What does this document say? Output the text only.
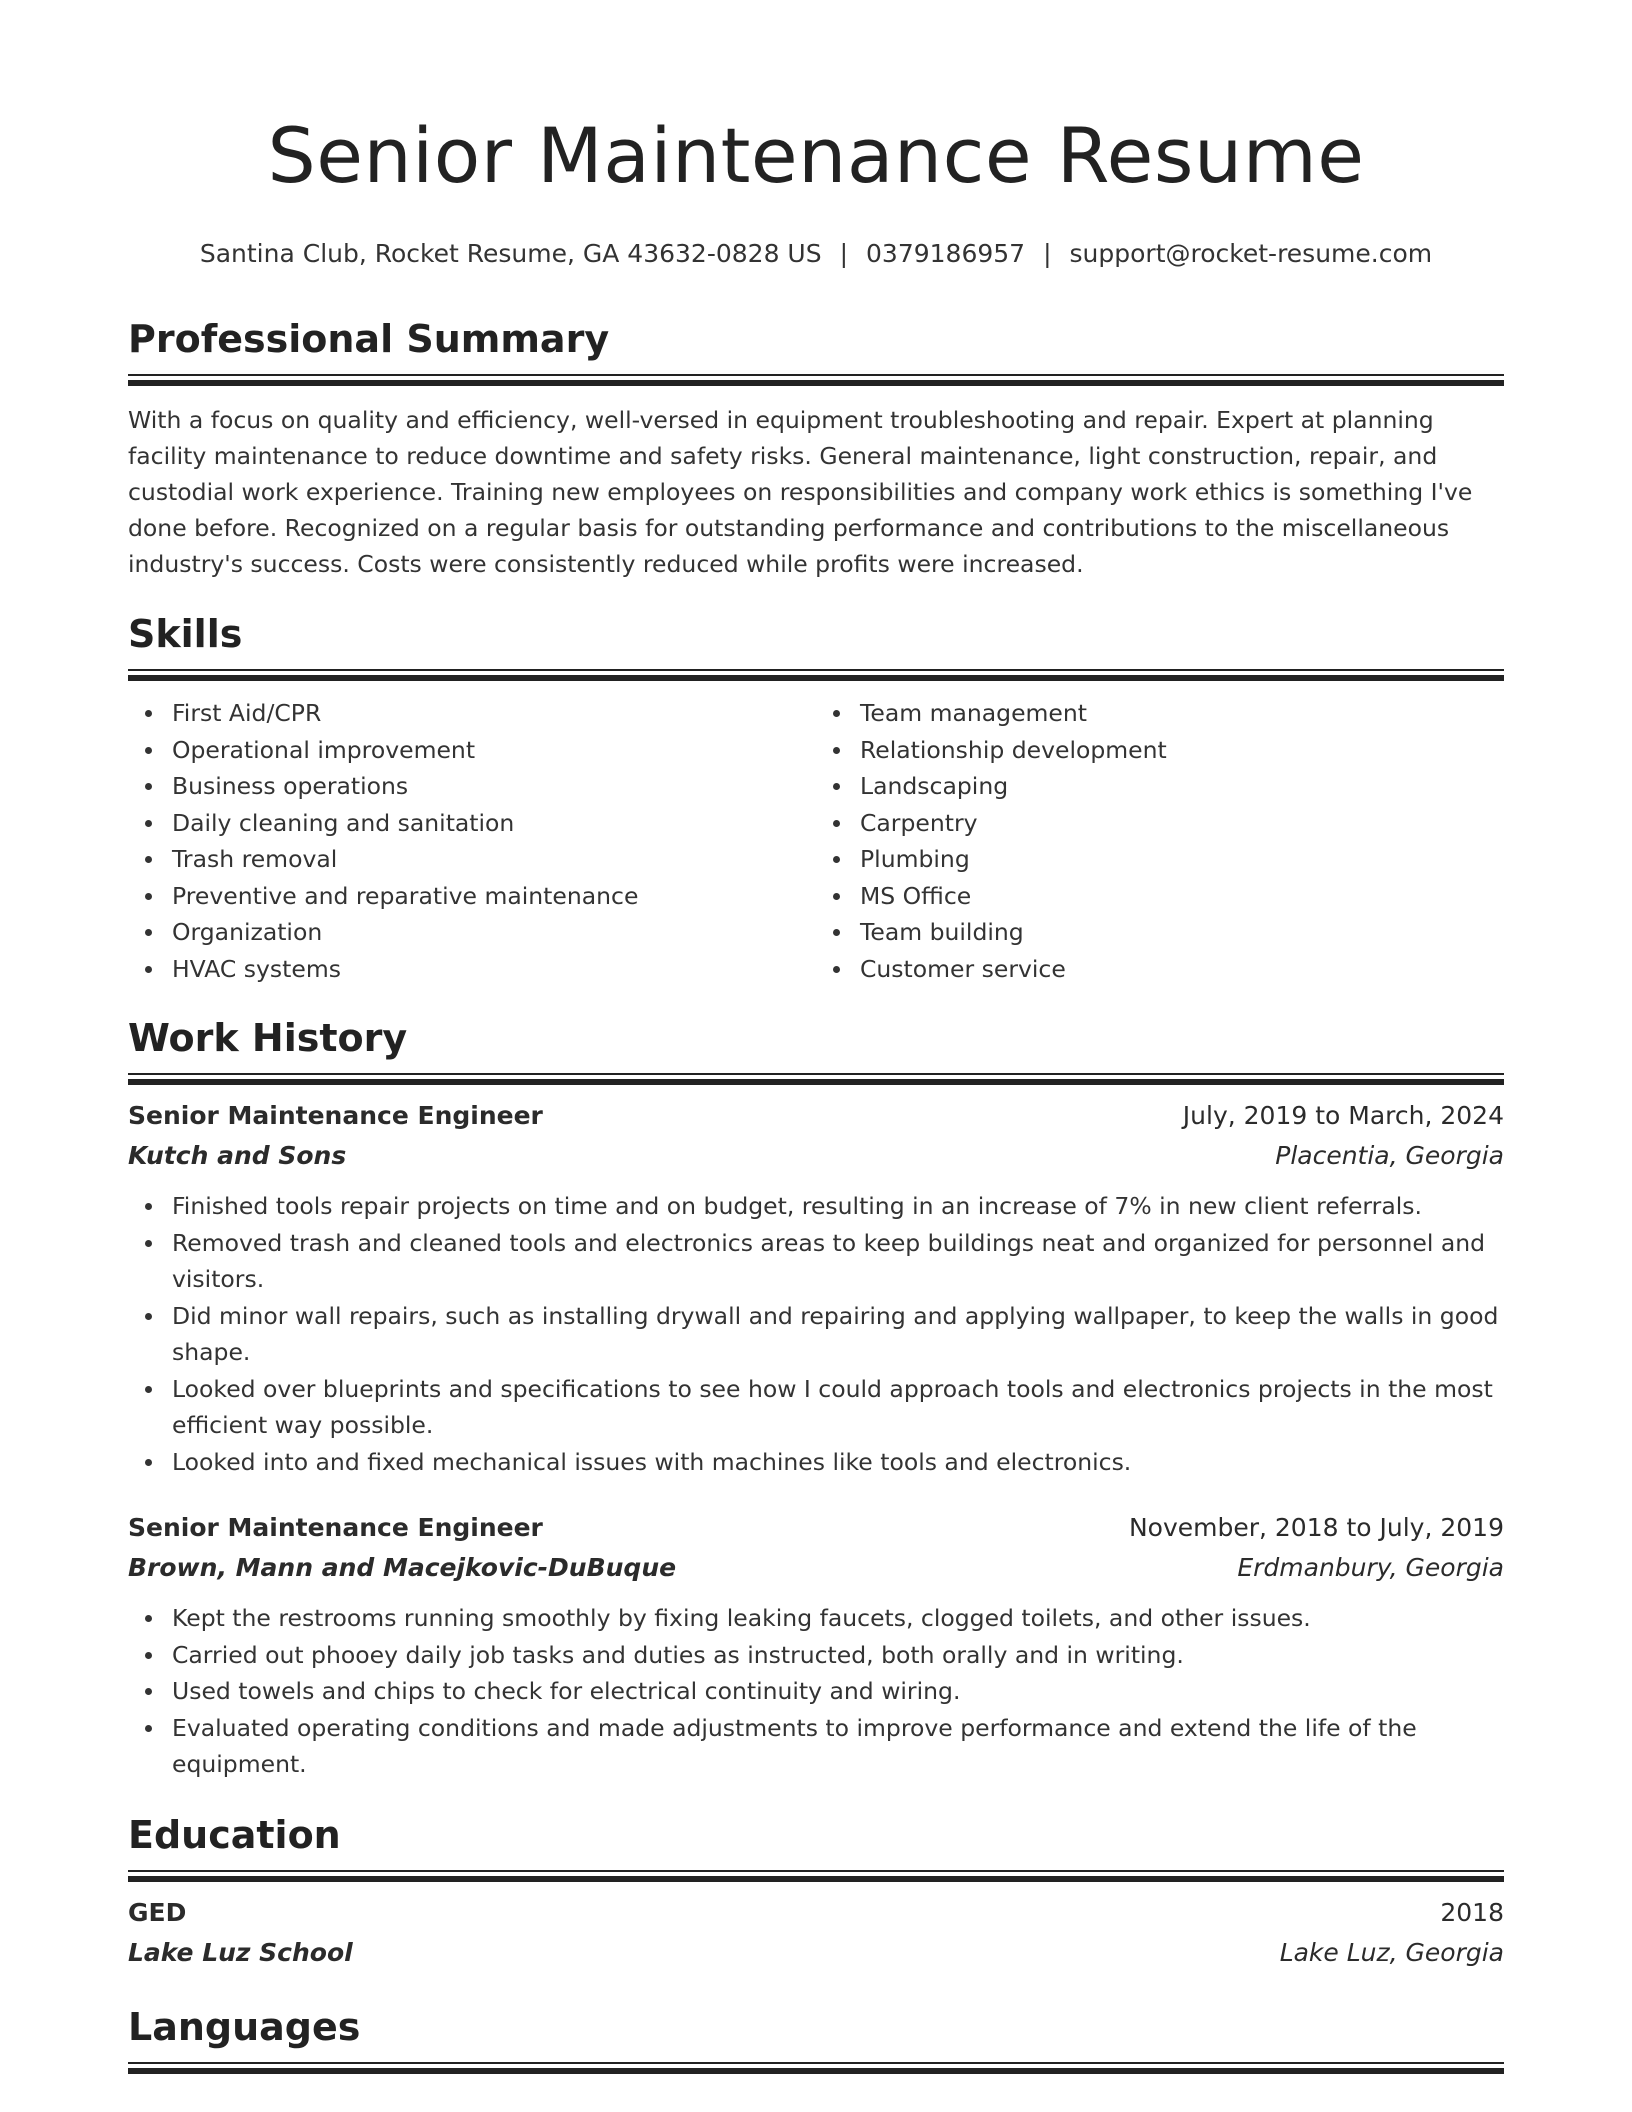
Senior Maintenance Resume
Santina Club, Rocket Resume, GA 43632-0828 US | 0379186957 | support@rocket-resume.com
Professional Summary

With a focus on quality and efficiency, well-versed in equipment troubleshooting and repair. Expert at planning facility maintenance to reduce downtime and safety risks. General maintenance, light construction, repair, and custodial work experience. Training new employees on responsibilities and company work ethics is something I've done before. Recognized on a regular basis for outstanding performance and contributions to the miscellaneous industry's success. Costs were consistently reduced while profits were increased.

Skills
First Aid/CPR
Operational improvement
Business operations
Daily cleaning and sanitation
Trash removal
Preventive and reparative maintenance
Organization
HVAC systems
Team management
Relationship development
Landscaping
Carpentry
Plumbing
MS Office
Team building
Customer service
Work History
Senior Maintenance Engineer	July, 2019 to March, 2024
Kutch and Sons	Placentia, Georgia
Finished tools repair projects on time and on budget, resulting in an increase of 7% in new client referrals.
Removed trash and cleaned tools and electronics areas to keep buildings neat and organized for personnel and visitors.
Did minor wall repairs, such as installing drywall and repairing and applying wallpaper, to keep the walls in good shape.
Looked over blueprints and specifications to see how I could approach tools and electronics projects in the most efficient way possible.
Looked into and fixed mechanical issues with machines like tools and electronics.
Senior Maintenance Engineer	November, 2018 to July, 2019
Brown, Mann and Macejkovic-DuBuque	Erdmanbury, Georgia
Kept the restrooms running smoothly by fixing leaking faucets, clogged toilets, and other issues.
Carried out phooey daily job tasks and duties as instructed, both orally and in writing.
Used towels and chips to check for electrical continuity and wiring.
Evaluated operating conditions and made adjustments to improve performance and extend the life of the equipment.
Education
GED	2018
Lake Luz School	Lake Luz, Georgia
Languages
